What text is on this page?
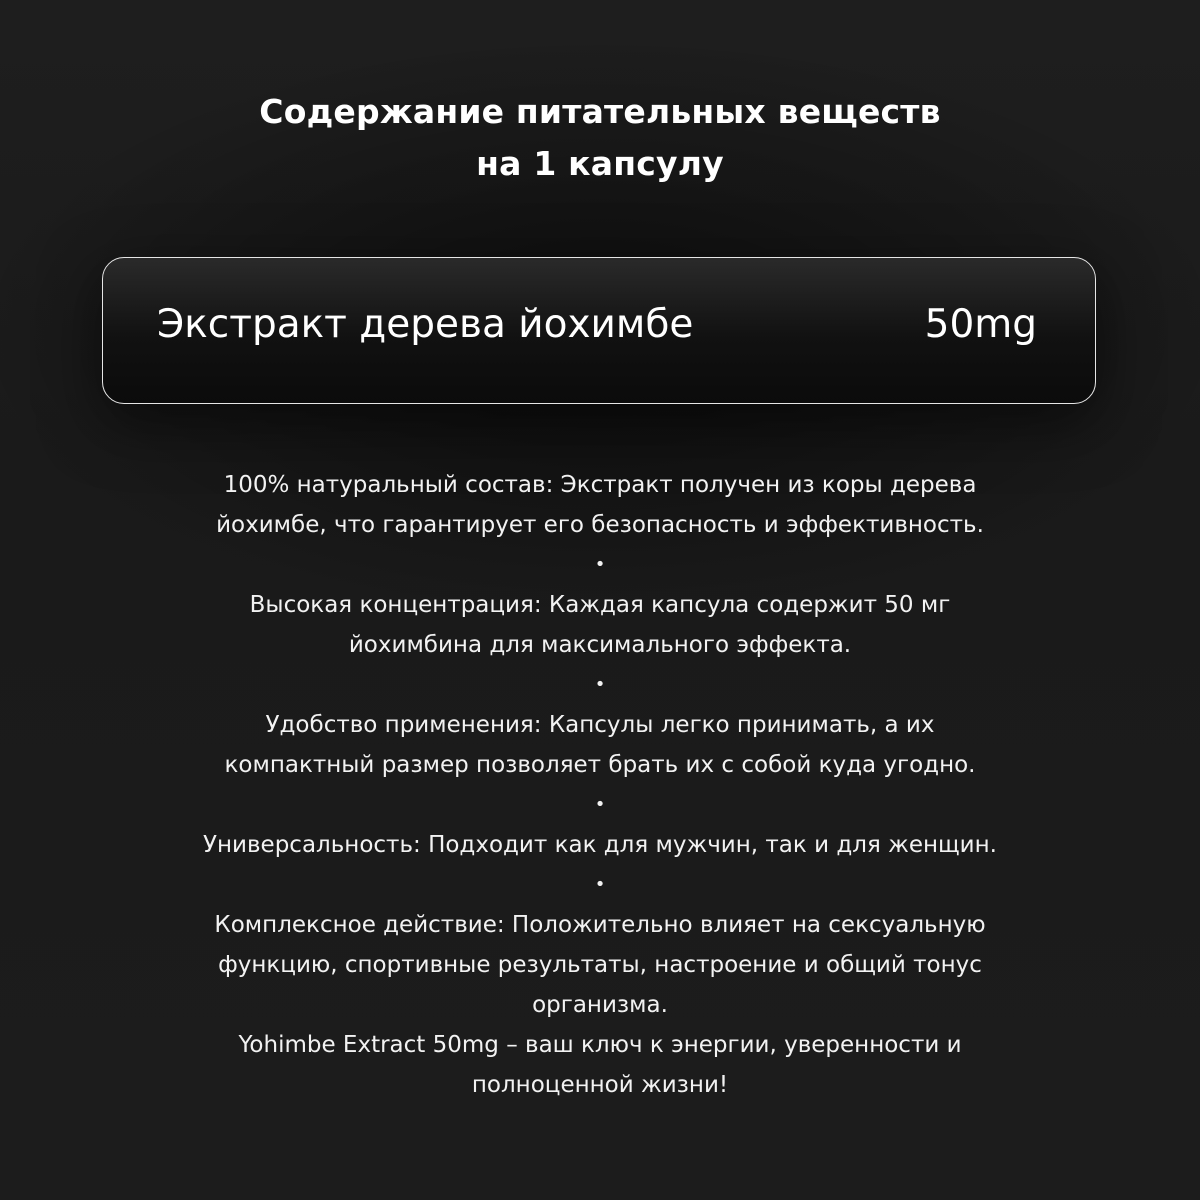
Содержание питательных веществ
на 1 капсулу
Экстракт дерева йохимбе	50mg

100% натуральный состав: Экстракт получен из коры дерева
йохимбе, что гарантирует его безопасность и эффективность.

•

Высокая концентрация: Каждая капсула содержит 50 мг
йохимбина для максимального эффекта.

•

Удобство применения: Капсулы легко принимать, а их
компактный размер позволяет брать их с собой куда угодно.

•

Универсальность: Подходит как для мужчин, так и для женщин.

•

Комплексное действие: Положительно влияет на сексуальную
функцию, спортивные результаты, настроение и общий тонус
организма.

Yohimbe Extract 50mg – ваш ключ к энергии, уверенности и
полноценной жизни!
